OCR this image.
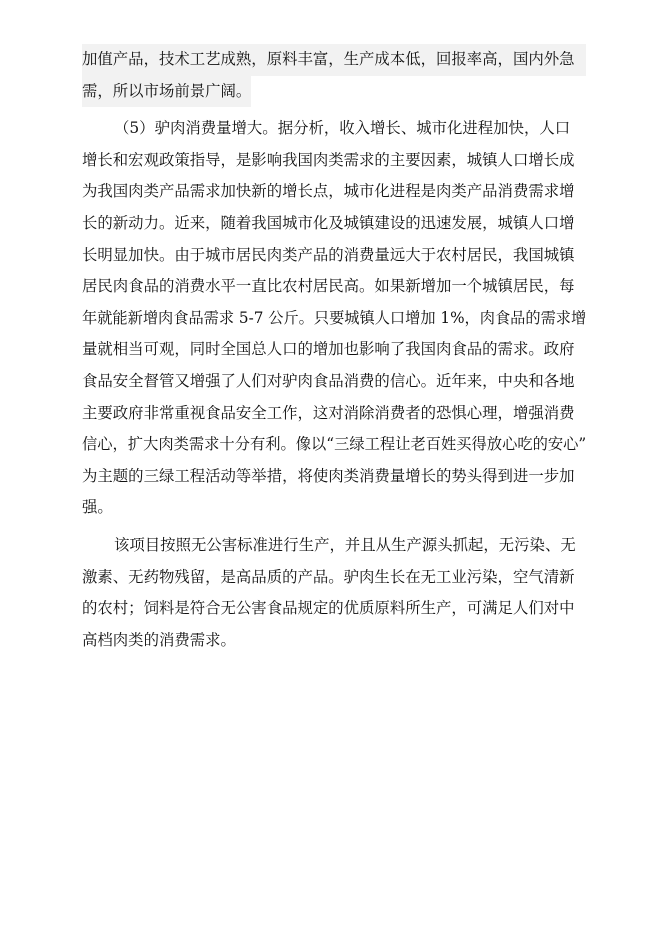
加值产品，技术工艺成熟，原料丰富，生产成本低，回报率高，国内外急
需，所以市场前景广阔。
（5）驴肉消费量增大。据分析，收入增长、城市化进程加快，人口
增长和宏观政策指导，是影响我国肉类需求的主要因素，城镇人口增长成
为我国肉类产品需求加快新的增长点，城市化进程是肉类产品消费需求增
长的新动力。近来，随着我国城市化及城镇建设的迅速发展，城镇人口增
长明显加快。由于城市居民肉类产品的消费量远大于农村居民，我国城镇
居民肉食品的消费水平一直比农村居民高。如果新增加一个城镇居民，每
年就能新增肉食品需求 5-7 公斤。只要城镇人口增加 1%，肉食品的需求增
量就相当可观，同时全国总人口的增加也影响了我国肉食品的需求。政府
食品安全督管又增强了人们对驴肉食品消费的信心。近年来，中央和各地
主要政府非常重视食品安全工作，这对消除消费者的恐惧心理，增强消费
信心，扩大肉类需求十分有利。像以“三绿工程让老百姓买得放心吃的安心”
为主题的三绿工程活动等举措，将使肉类消费量增长的势头得到进一步加
强。
该项目按照无公害标准进行生产，并且从生产源头抓起，无污染、无
激素、无药物残留，是高品质的产品。驴肉生长在无工业污染，空气清新
的农村；饲料是符合无公害食品规定的优质原料所生产，可满足人们对中
高档肉类的消费需求。
